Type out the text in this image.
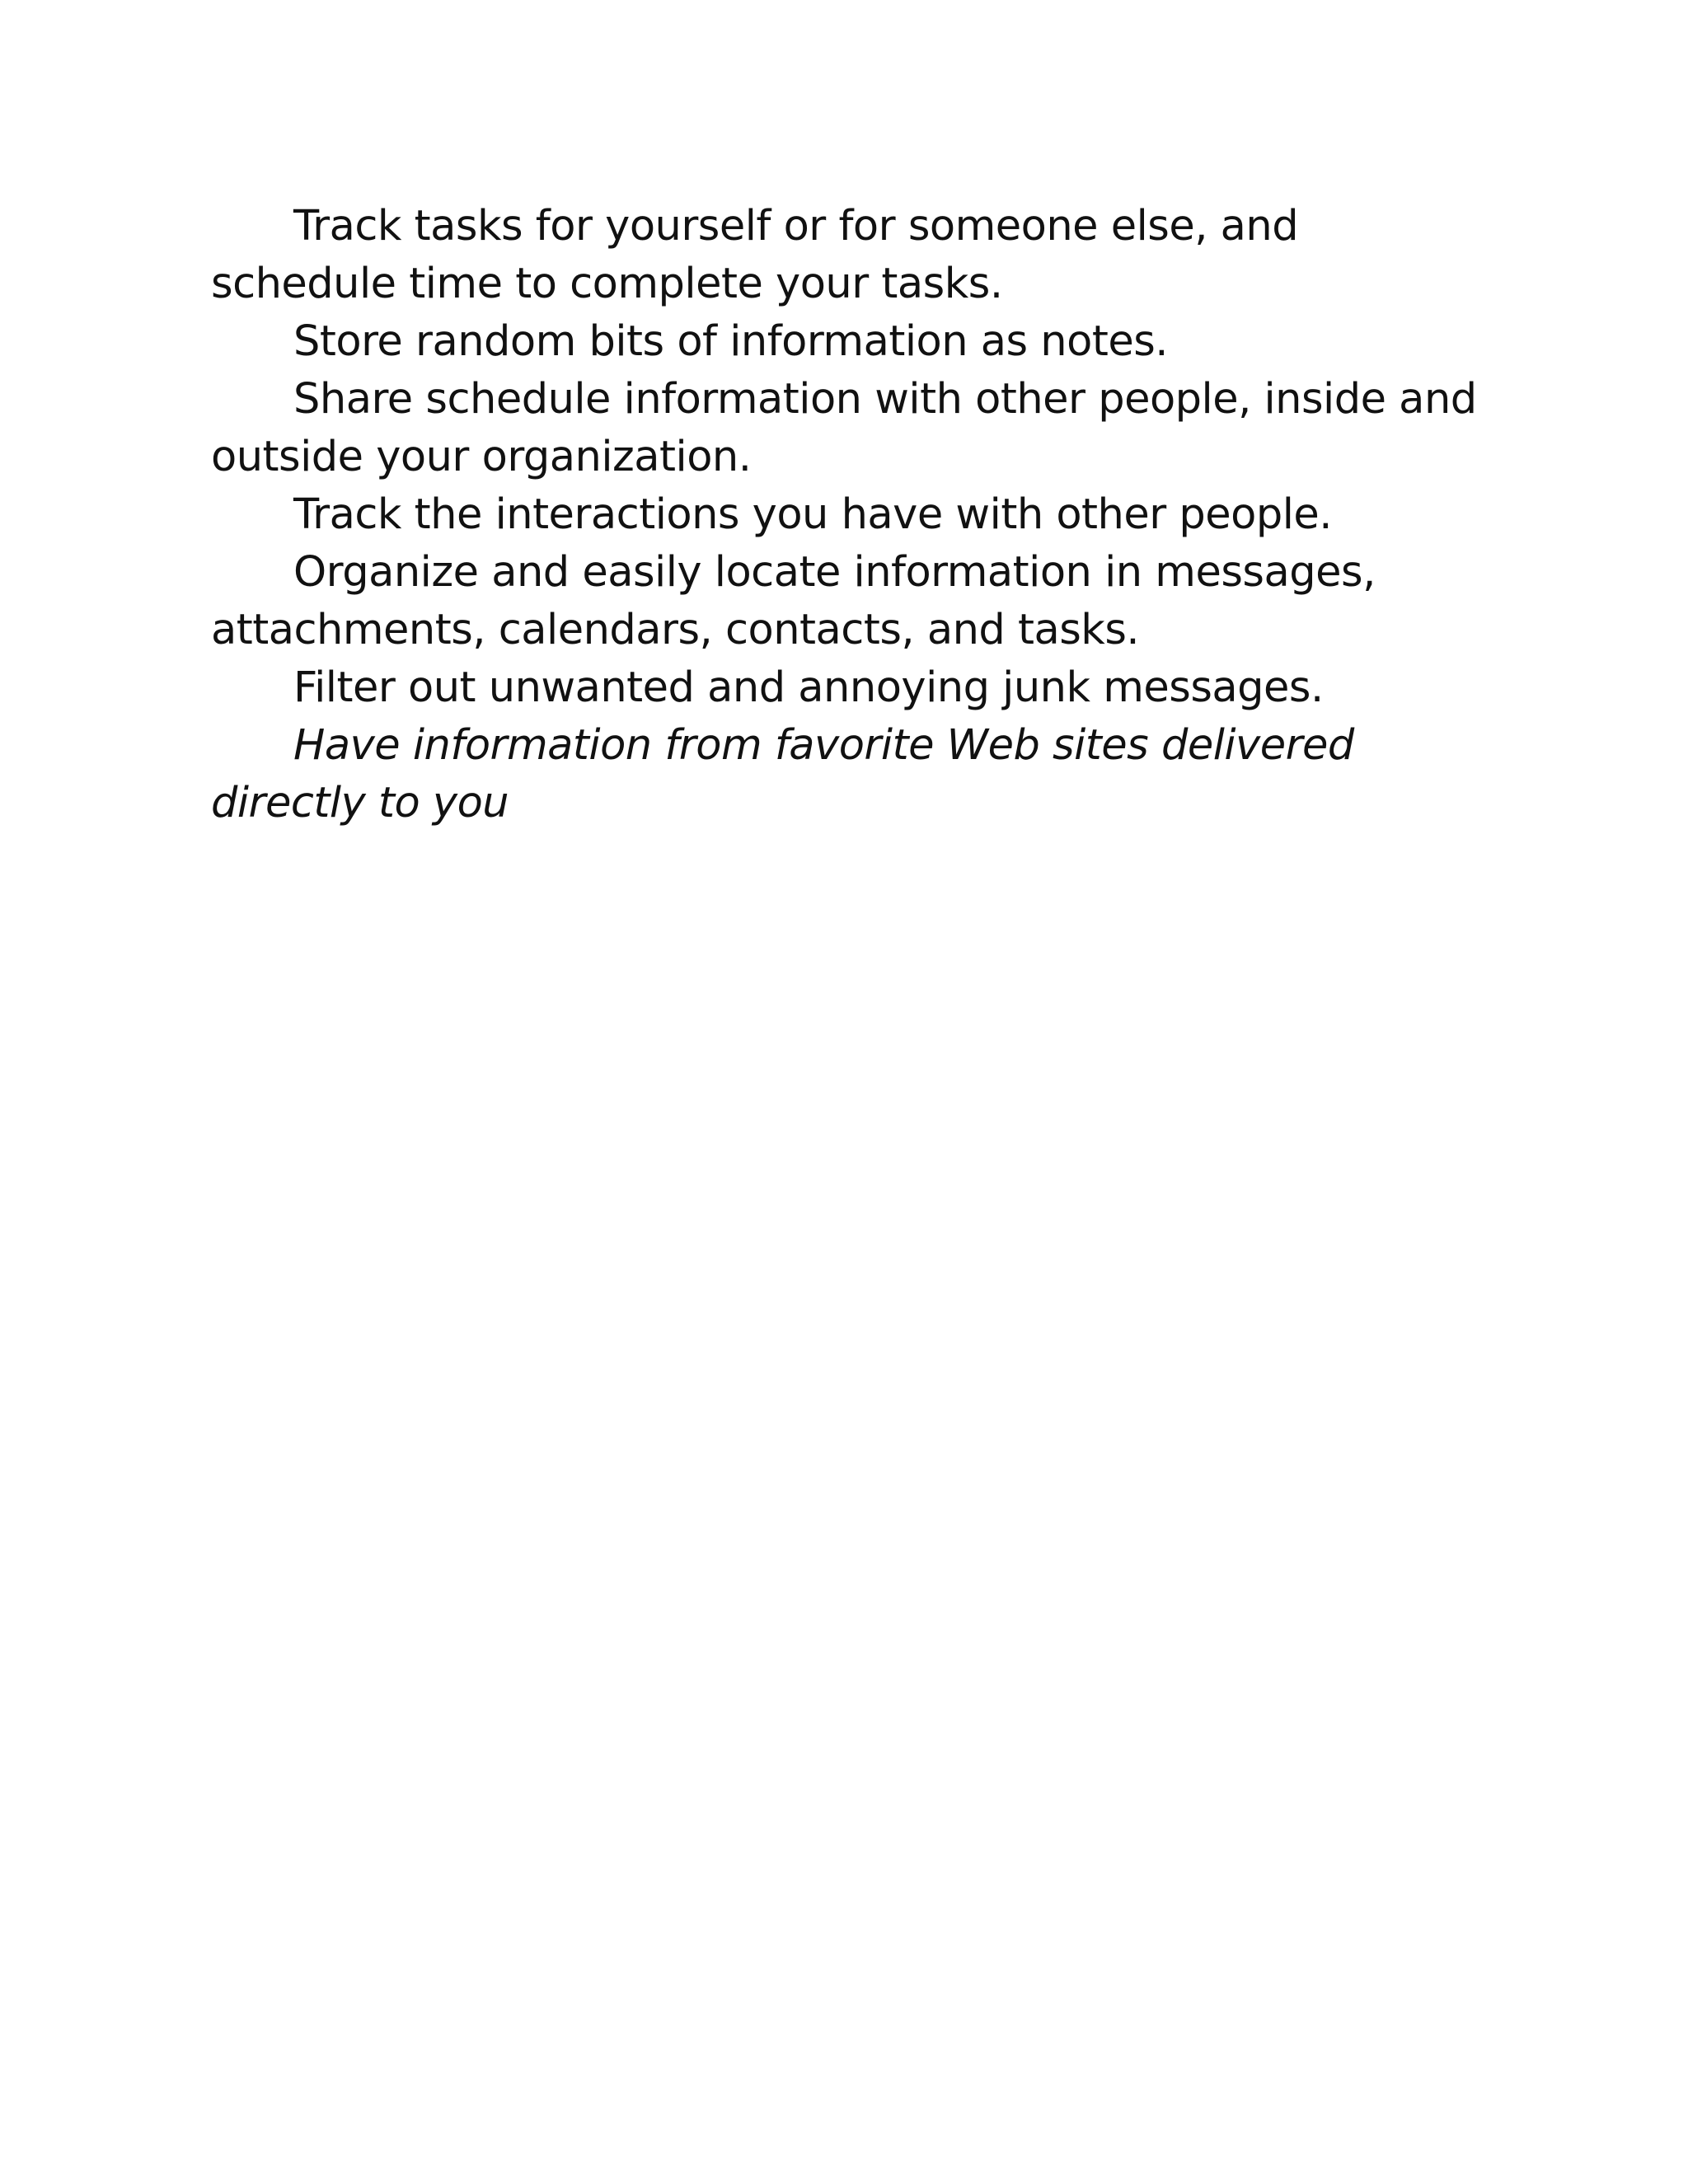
Track tasks for yourself or for someone else, and schedule time to complete your tasks.

Store random bits of information as notes.

Share schedule information with other people, inside and outside your organization.

Track the interactions you have with other people.

Organize and easily locate information in messages, attachments, calendars, contacts, and tasks.

Filter out unwanted and annoying junk messages.

Have information from favorite Web sites delivered directly to you
